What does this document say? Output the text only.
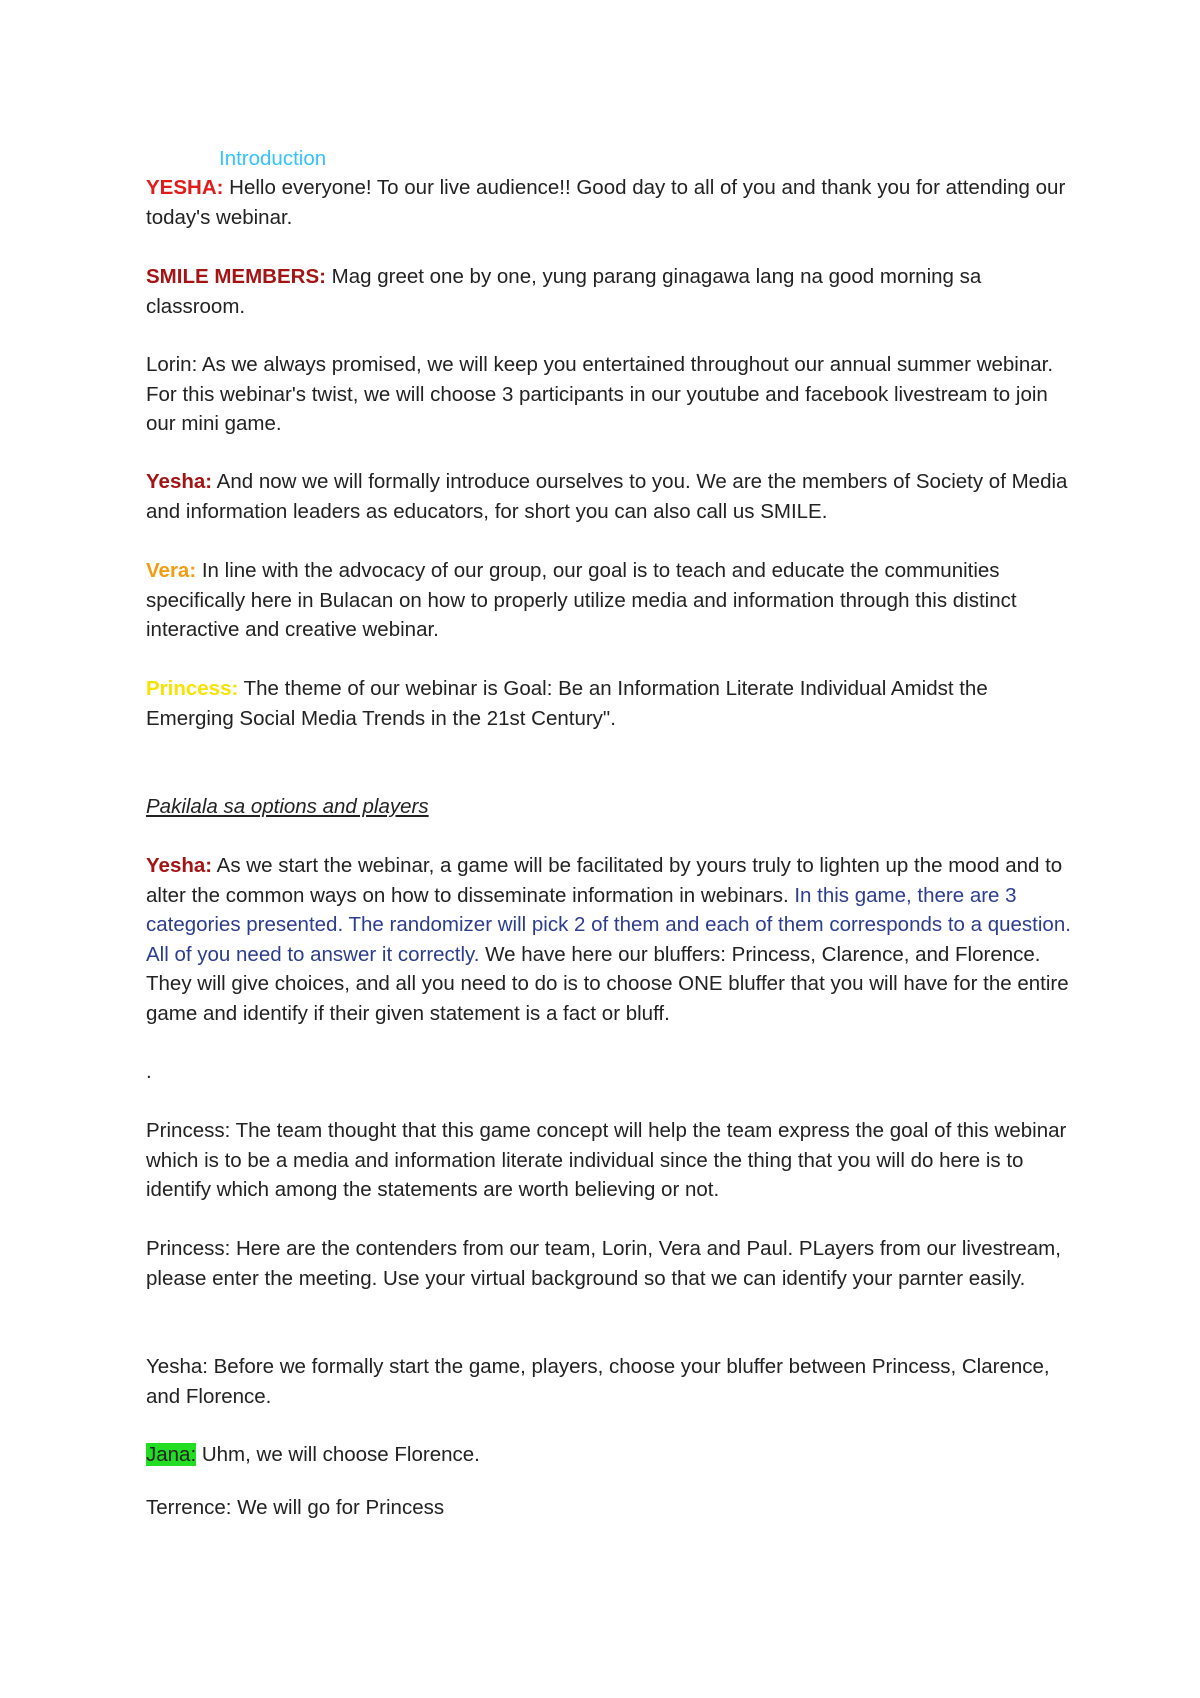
Introduction

YESHA: Hello everyone! To our live audience!! Good day to all of you and thank you for attending our today's webinar.

SMILE MEMBERS: Mag greet one by one, yung parang ginagawa lang na good morning sa classroom.

Lorin: As we always promised, we will keep you entertained throughout our annual summer webinar. For this webinar's twist, we will choose 3 participants in our youtube and facebook livestream to join our mini game.

Yesha: And now we will formally introduce ourselves to you. We are the members of Society of Media and information leaders as educators, for short you can also call us SMILE.

Vera: In line with the advocacy of our group, our goal is to teach and educate the communities specifically here in Bulacan on how to properly utilize media and information through this distinct interactive and creative webinar.

Princess: The theme of our webinar is Goal: Be an Information Literate Individual Amidst the Emerging Social Media Trends in the 21st Century".

Pakilala sa options and players

Yesha: As we start the webinar, a game will be facilitated by yours truly to lighten up the mood and to alter the common ways on how to disseminate information in webinars. In this game, there are 3 categories presented. The randomizer will pick 2 of them and each of them corresponds to a question. All of you need to answer it correctly. We have here our bluffers: Princess, Clarence, and Florence. They will give choices, and all you need to do is to choose ONE bluffer that you will have for the entire game and identify if their given statement is a fact or bluff.

.

Princess: The team thought that this game concept will help the team express the goal of this webinar which is to be a media and information literate individual since the thing that you will do here is to identify which among the statements are worth believing or not.

Princess: Here are the contenders from our team, Lorin, Vera and Paul. PLayers from our livestream, please enter the meeting. Use your virtual background so that we can identify your parnter easily.

Yesha: Before we formally start the game, players, choose your bluffer between Princess, Clarence, and Florence.

Jana: Uhm, we will choose Florence.

Terrence: We will go for Princess
